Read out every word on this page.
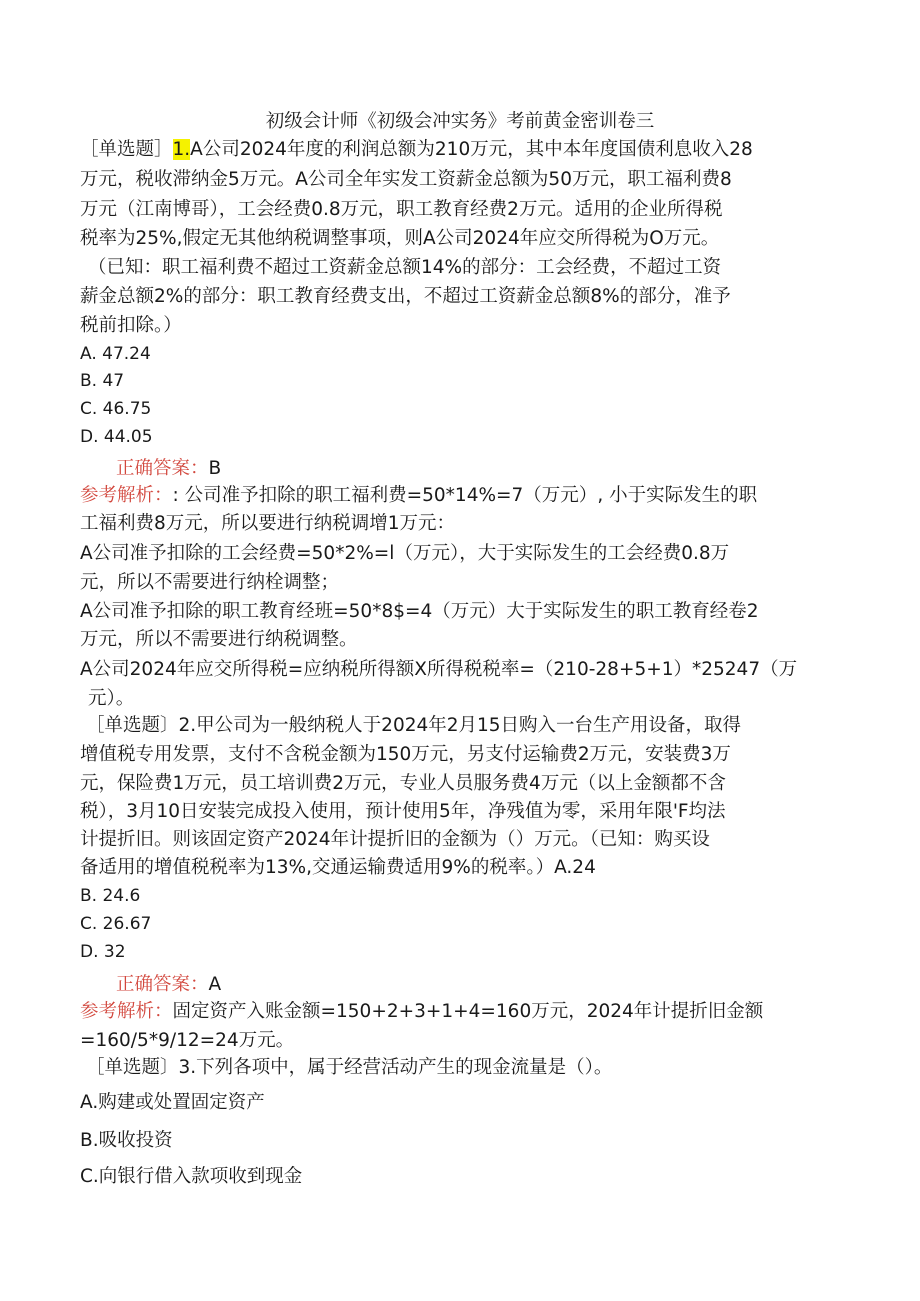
初级会计师《初级会冲实务》考前黄金密训卷三
［单选题］1.A公司2024年度的利润总额为210万元，其中本年度国债利息收入28
万元，税收滞纳金5万元。A公司全年实发工资薪金总额为50万元，职工福利费8
万元（江南博哥），工会经费0.8万元，职工教育经费2万元。适用的企业所得税
税率为25%,假定无其他纳税调整事项，则A公司2024年应交所得税为O万元。
（已知：职工福利费不超过工资薪金总额14%的部分：工会经费，不超过工资
薪金总额2%的部分：职工教育经费支出，不超过工资薪金总额8%的部分，准予
税前扣除。）
A. 47.24
B. 47
C. 46.75
D. 44.05
正确答案：B
参考解析：: 公司准予扣除的职工福利费=50*14%=7（万元）, 小于实际发生的职
工福利费8万元，所以要进行纳税调增1万元：
A公司准予扣除的工会经费=50*2%=l（万元），大于实际发生的工会经费0.8万
元，所以不需要进行纳栓调整；
A公司准予扣除的职工教育经班=50*8$=4（万元）大于实际发生的职工教育经卷2
万元，所以不需要进行纳税调整。
A公司2024年应交所得税=应纳税所得额X所得税税率=（210-28+5+1）*25247（万
元）。
［单选题〕2.甲公司为一般纳税人于2024年2月15日购入一台生产用设备，取得
增值税专用发票，支付不含税金额为150万元，另支付运输费2万元，安装费3万
元，保险费1万元，员工培训费2万元，专业人员服务费4万元（以上金额都不含
税），3月10日安装完成投入使用，预计使用5年，净残值为零，采用年限'F均法
计提折旧。则该固定资产2024年计提折旧的金额为（）万元。（已知：购买设
备适用的增值税税率为13%,交通运输费适用9%的税率。）A.24
B. 24.6
C. 26.67
D. 32
正确答案：A
参考解析：固定资产入账金额=150+2+3+1+4=160万元，2024年计提折旧金额
=160/5*9/12=24万元。
［单选题〕3.下列各项中，属于经营活动产生的现金流量是（）。
A.购建或处置固定资产
B.吸收投资
C.向银行借入款项收到现金
